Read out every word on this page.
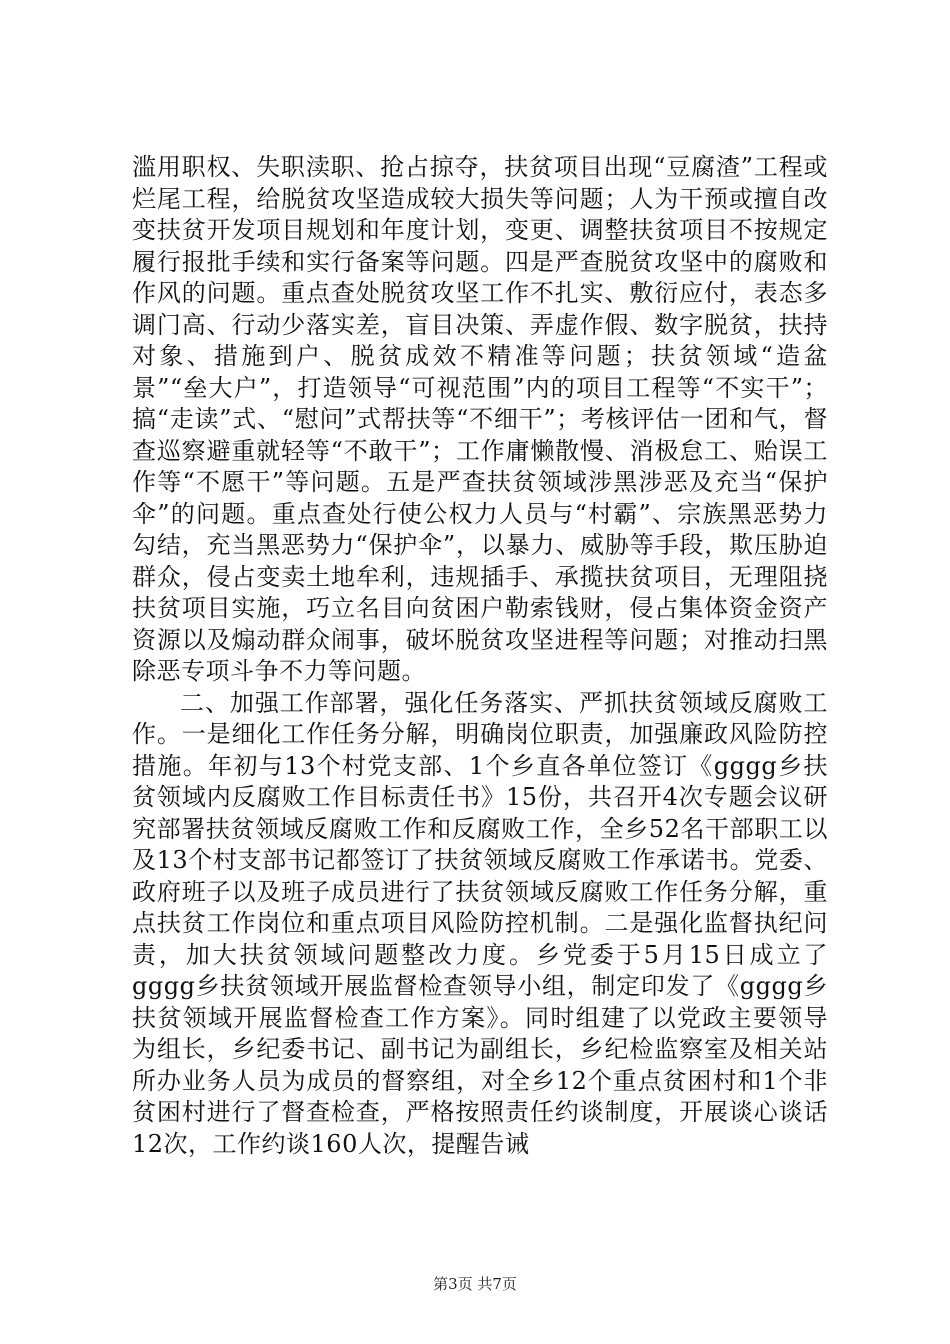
滥用职权、失职渎职、抢占掠夺，扶贫项目出现“豆腐渣”工程或烂尾工程，给脱贫攻坚造成较大损失等问题；人为干预或擅自改变扶贫开发项目规划和年度计划，变更、调整扶贫项目不按规定履行报批手续和实行备案等问题。四是严查脱贫攻坚中的腐败和作风的问题。重点查处脱贫攻坚工作不扎实、敷衍应付，表态多调门高、行动少落实差，盲目决策、弄虚作假、数字脱贫，扶持对象、措施到户、脱贫成效不精准等问题；扶贫领域“造盆景”“垒大户”，打造领导“可视范围”内的项目工程等“不实干”；搞“走读”式、“慰问”式帮扶等“不细干”；考核评估一团和气，督查巡察避重就轻等“不敢干”；工作庸懒散慢、消极怠工、贻误工作等“不愿干”等问题。五是严查扶贫领域涉黑涉恶及充当“保护伞”的问题。重点查处行使公权力人员与“村霸”、宗族黑恶势力勾结，充当黑恶势力“保护伞”，以暴力、威胁等手段，欺压胁迫群众，侵占变卖土地牟利，违规插手、承揽扶贫项目，无理阻挠扶贫项目实施，巧立名目向贫困户勒索钱财，侵占集体资金资产资源以及煽动群众闹事，破坏脱贫攻坚进程等问题；对推动扫黑除恶专项斗争不力等问题。

二、加强工作部署，强化任务落实、严抓扶贫领域反腐败工作。一是细化工作任务分解，明确岗位职责，加强廉政风险防控措施。年初与13个村党支部、1个乡直各单位签订《gggg乡扶贫领域内反腐败工作目标责任书》15份，共召开4次专题会议研究部署扶贫领域反腐败工作和反腐败工作，全乡52名干部职工以及13个村支部书记都签订了扶贫领域反腐败工作承诺书。党委、政府班子以及班子成员进行了扶贫领域反腐败工作任务分解，重点扶贫工作岗位和重点项目风险防控机制。二是强化监督执纪问责，加大扶贫领域问题整改力度。乡党委于5月15日成立了gggg乡扶贫领域开展监督检查领导小组，制定印发了《gggg乡扶贫领域开展监督检查工作方案》。同时组建了以党政主要领导为组长，乡纪委书记、副书记为副组长，乡纪检监察室及相关站所办业务人员为成员的督察组，对全乡12个重点贫困村和1个非贫困村进行了督查检查，严格按照责任约谈制度，开展谈心谈话12次，工作约谈160人次，提醒告诫

第3页 共7页
